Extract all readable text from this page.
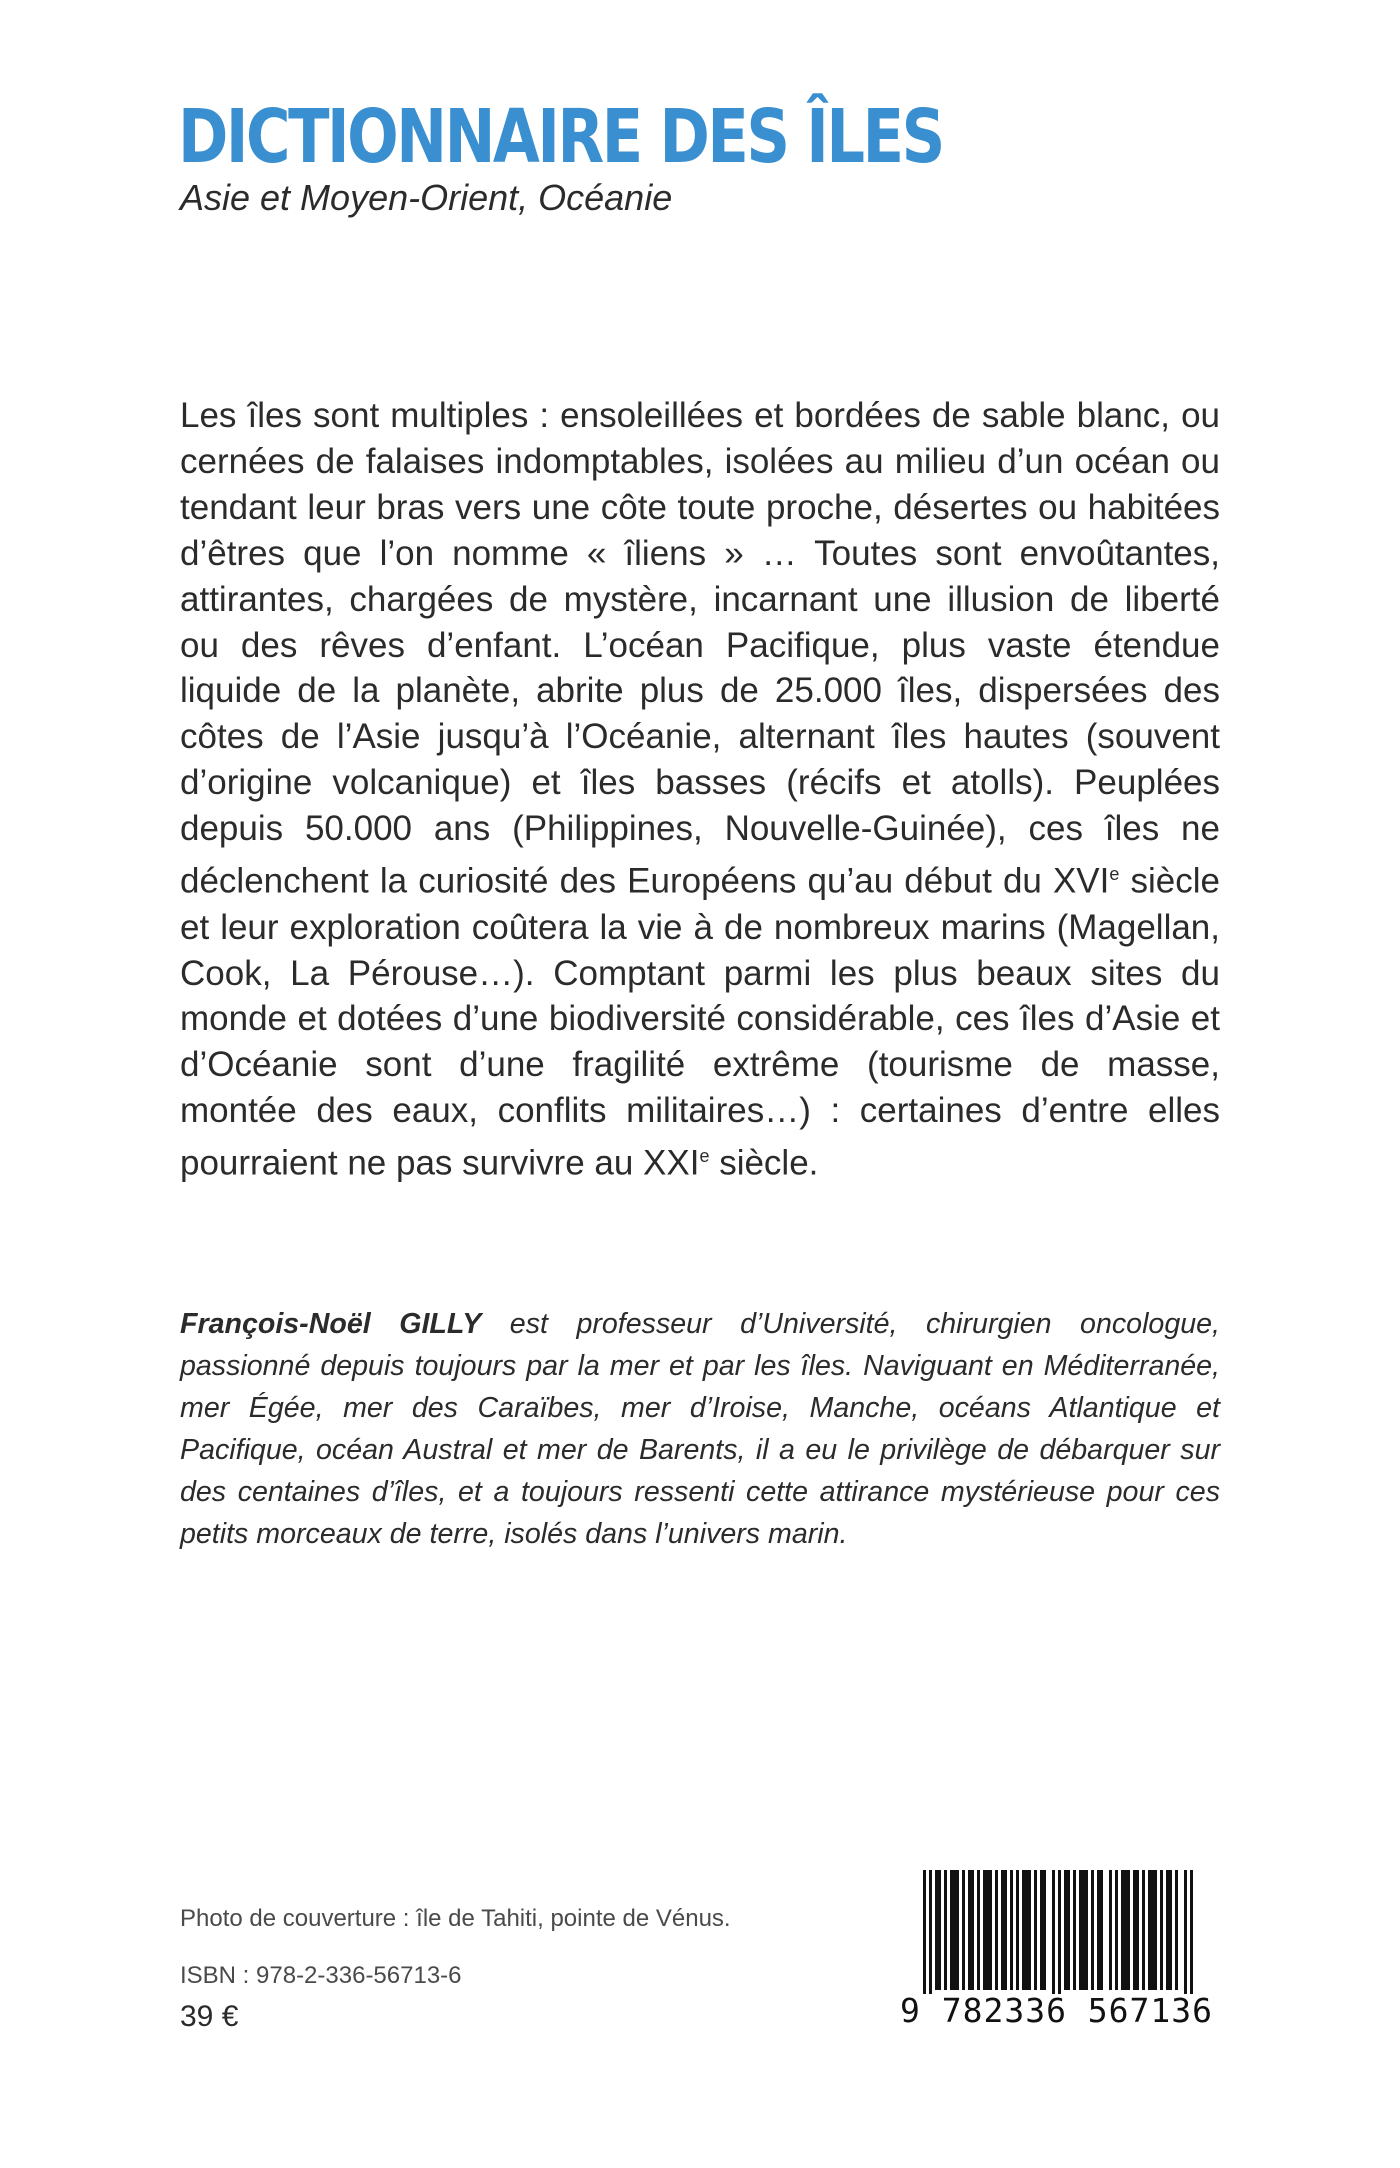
DICTIONNAIRE DES ÎLES

Asie et Moyen-Orient, Océanie

Les îles sont multiples : ensoleillées et bordées de sable blanc, ou cernées de falaises indomptables, isolées au milieu d’un océan ou tendant leur bras vers une côte toute proche, désertes ou habitées d’êtres que l’on nomme « îliens » … Toutes sont envoûtantes, attirantes, chargées de mystère, incarnant une illusion de liberté ou des rêves d’enfant. L’océan Pacifique, plus vaste étendue liquide de la planète, abrite plus de 25.000 îles, dispersées des côtes de l’Asie jusqu’à l’Océanie, alternant îles hautes (souvent d’origine volcanique) et îles basses (récifs et atolls). Peuplées depuis 50.000 ans (Philippines, Nouvelle-Guinée), ces îles ne déclenchent la curiosité des Européens qu’au début du XVIe siècle et leur exploration coûtera la vie à de nombreux marins (Magellan, Cook, La Pérouse…). Comptant parmi les plus beaux sites du monde et dotées d’une biodiversité considérable, ces îles d’Asie et d’Océanie sont d’une fragilité extrême (tourisme de masse, montée des eaux, conflits militaires…) : certaines d’entre elles pourraient ne pas survivre au XXIe siècle.

François-Noël GILLY est professeur d’Université, chirurgien oncologue, passionné depuis toujours par la mer et par les îles. Naviguant en Méditerranée, mer Égée, mer des Caraïbes, mer d’Iroise, Manche, océans Atlantique et Pacifique, océan Austral et mer de Barents, il a eu le privilège de débarquer sur des centaines d’îles, et a toujours ressenti cette attirance mystérieuse pour ces petits morceaux de terre, isolés dans l’univers marin.

Photo de couverture : île de Tahiti, pointe de Vénus.

ISBN : 978-2-336-56713-6

39 €	9 782336 567136
